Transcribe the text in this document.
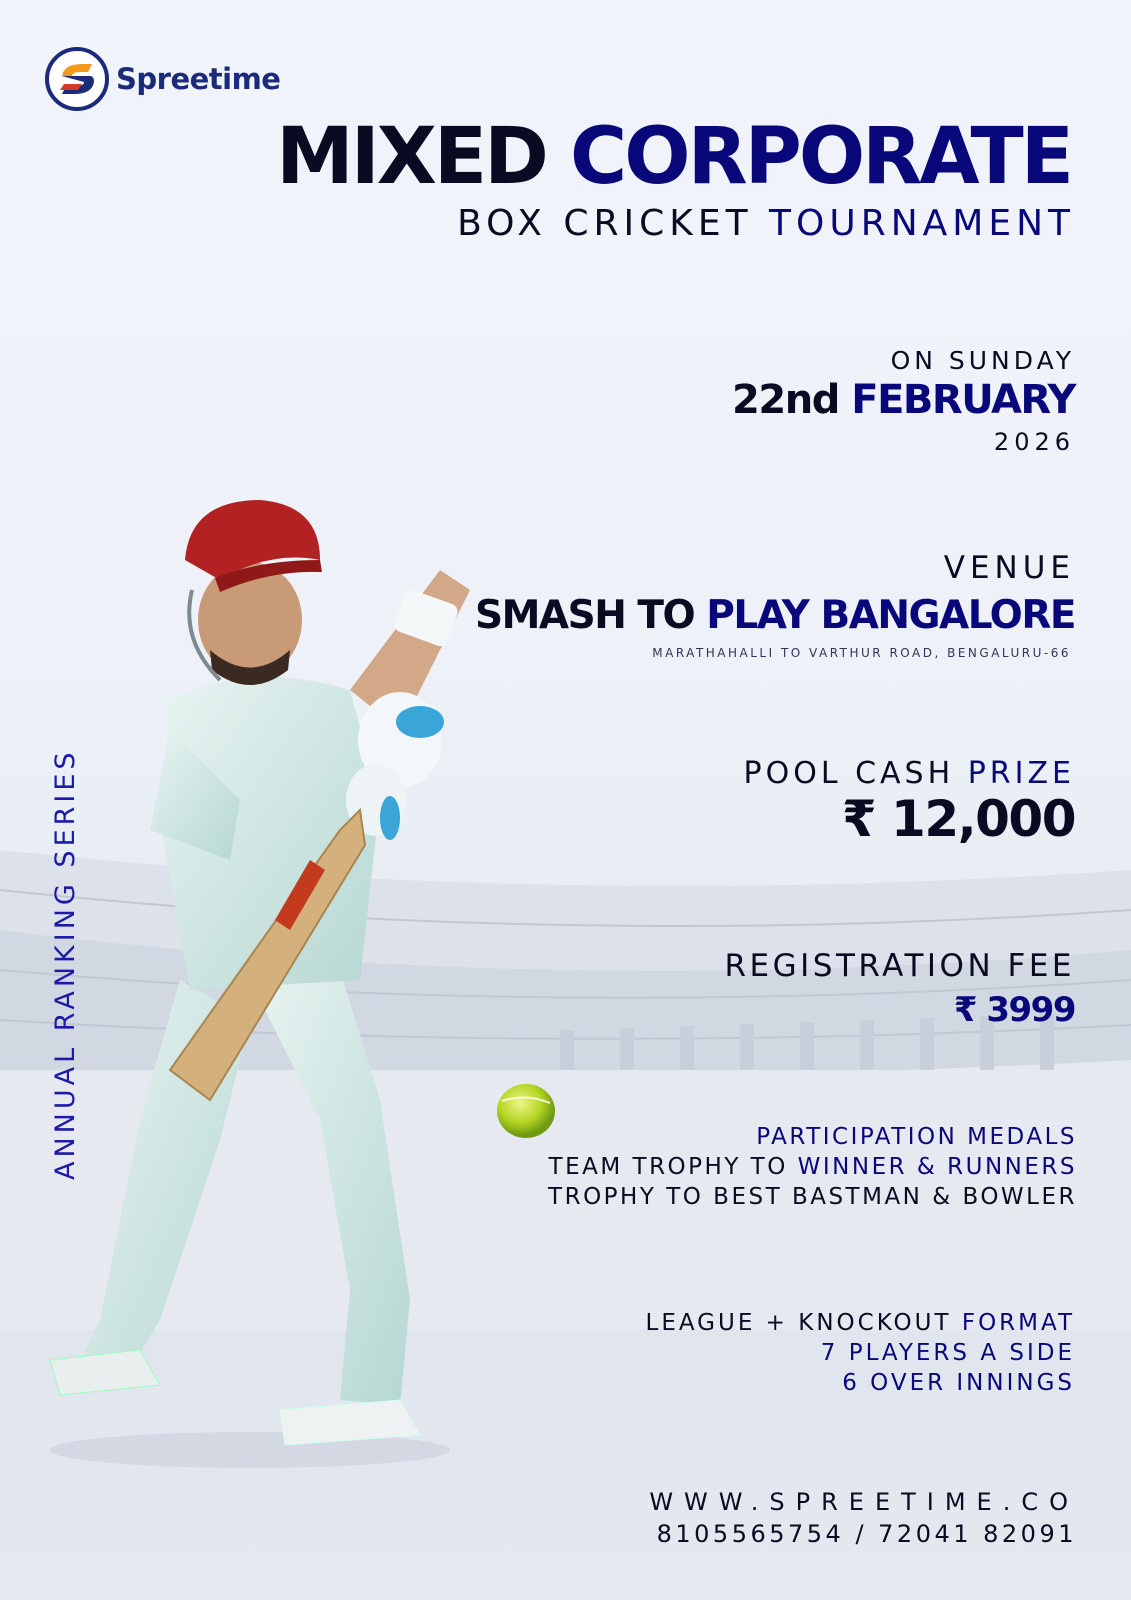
Spreetime
MIXED CORPORATE
BOX CRICKET TOURNAMENT
ON SUNDAY
22nd FEBRUARY
2026
VENUE
SMASH TO PLAY BANGALORE
MARATHAHALLI TO VARTHUR ROAD, BENGALURU-66
POOL CASH PRIZE
₹ 12,000
REGISTRATION FEE
₹ 3999
PARTICIPATION MEDALS
TEAM TROPHY TO WINNER & RUNNERS
TROPHY TO BEST BASTMAN & BOWLER
LEAGUE + KNOCKOUT FORMAT
7 PLAYERS A SIDE
6 OVER INNINGS
WWW.SPREETIME.CO
8105565754 / 72041 82091
ANNUAL RANKING SERIES
